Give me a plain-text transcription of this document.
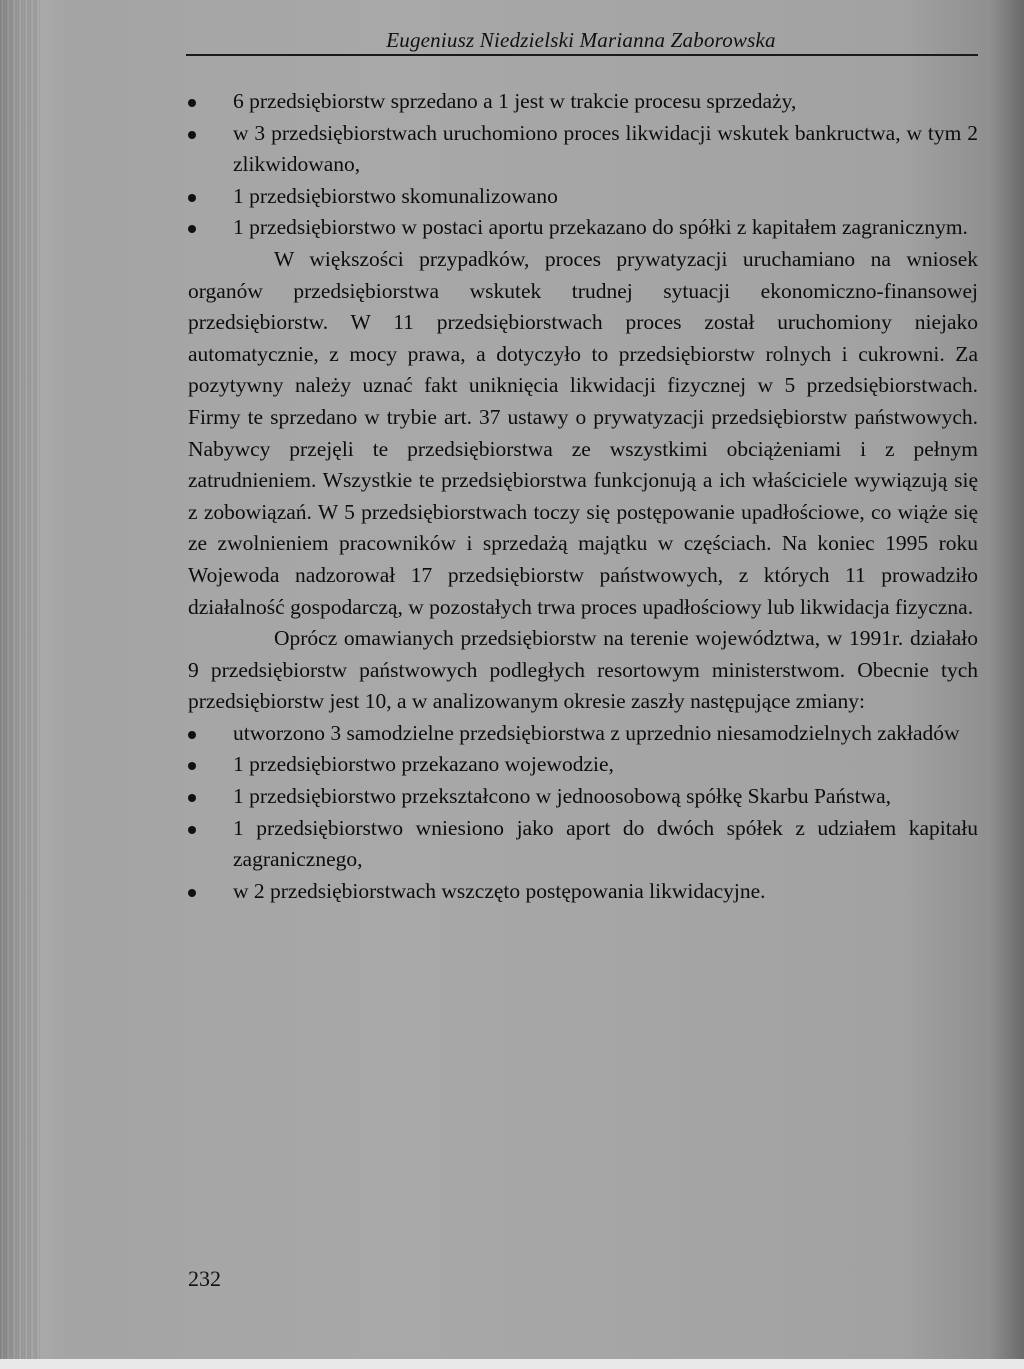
Eugeniusz Niedzielski Marianna Zaborowska
6 przedsiębiorstw sprzedano a 1 jest w trakcie procesu sprzedaży,
w 3 przedsiębiorstwach uruchomiono proces likwidacji wskutek bankructwa, w tym 2 zlikwidowano,
1 przedsiębiorstwo skomunalizowano
1 przedsiębiorstwo w postaci aportu przekazano do spółki z kapitałem zagranicznym.

W większości przypadków, proces prywatyzacji uruchamiano na wniosek organów przedsiębiorstwa wskutek trudnej sytuacji ekonomiczno-finansowej przedsiębiorstw. W 11 przedsiębiorstwach proces został uruchomiony niejako automatycznie, z mocy prawa, a dotyczyło to przedsiębiorstw rolnych i cukrowni. Za pozytywny należy uznać fakt uniknięcia likwidacji fizycznej w 5 przedsiębiorstwach. Firmy te sprzedano w trybie art. 37 ustawy o prywatyzacji przedsiębiorstw państwowych. Nabywcy przejęli te przedsiębiorstwa ze wszystkimi obciążeniami i z pełnym zatrudnieniem. Wszystkie te przedsiębiorstwa funkcjonują a ich właściciele wywiązują się z zobowiązań. W 5 przedsiębiorstwach toczy się postępowanie upadłościowe, co wiąże się ze zwolnieniem pracowników i sprzedażą majątku w częściach. Na koniec 1995 roku Wojewoda nadzorował 17 przedsiębiorstw państwowych, z których 11 prowadziło działalność gospodarczą, w pozostałych trwa proces upadłościowy lub likwidacja fizyczna.

Oprócz omawianych przedsiębiorstw na terenie województwa, w 1991r. działało 9 przedsiębiorstw państwowych podległych resortowym ministerstwom. Obecnie tych przedsiębiorstw jest 10, a w analizowanym okresie zaszły następujące zmiany:

utworzono 3 samodzielne przedsiębiorstwa z uprzednio niesamodzielnych zakładów
1 przedsiębiorstwo przekazano wojewodzie,
1 przedsiębiorstwo przekształcono w jednoosobową spółkę Skarbu Państwa,
1 przedsiębiorstwo wniesiono jako aport do dwóch spółek z udziałem kapitału zagranicznego,
w 2 przedsiębiorstwach wszczęto postępowania likwidacyjne.
232
